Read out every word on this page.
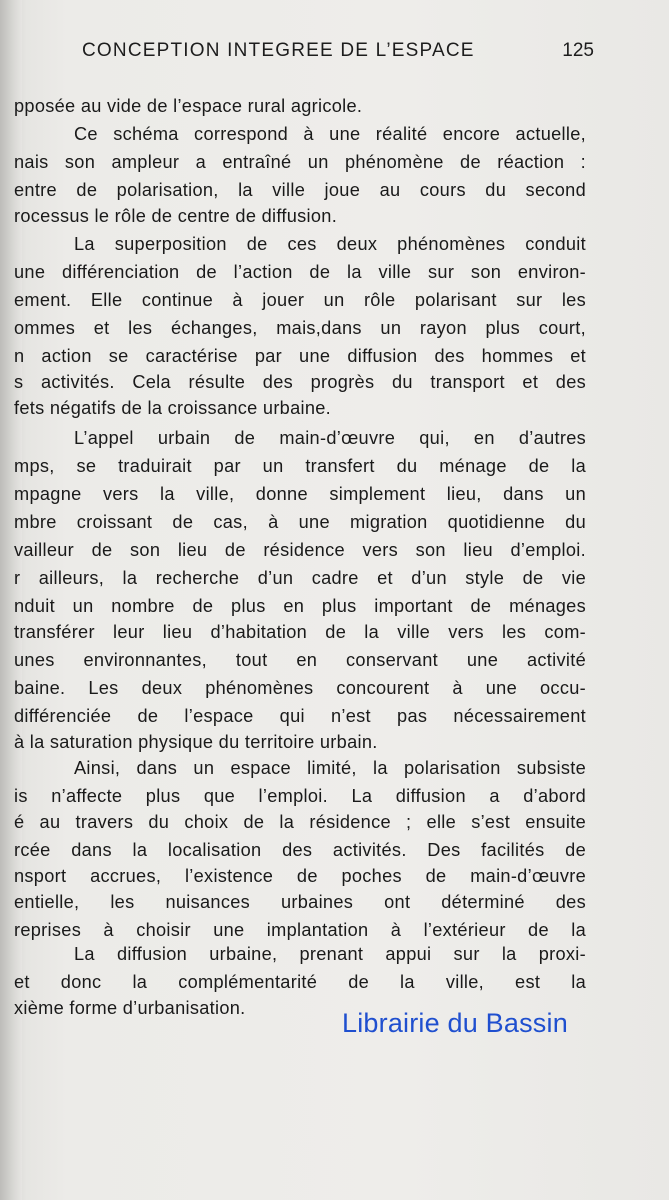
CONCEPTION INTEGREE DE L’ESPACE	125
pposée au vide de l’espace rural agricole.
Ce schéma correspond à une réalité encore actuelle,
nais son ampleur a entraîné un phénomène de réaction :
entre de polarisation, la ville joue au cours du second
rocessus le rôle de centre de diffusion.
La superposition de ces deux phénomènes conduit
une différenciation de l’action de la ville sur son environ-
ement. Elle continue à jouer un rôle polarisant sur les
ommes et les échanges, mais,dans un rayon plus court,
n action se caractérise par une diffusion des hommes et
s activités. Cela résulte des progrès du transport et des
fets négatifs de la croissance urbaine.
L’appel urbain de main-d’œuvre qui, en d’autres
mps, se traduirait par un transfert du ménage de la
mpagne vers la ville, donne simplement lieu, dans un
mbre croissant de cas, à une migration quotidienne du
vailleur de son lieu de résidence vers son lieu d’emploi.
r ailleurs, la recherche d’un cadre et d’un style de vie
nduit un nombre de plus en plus important de ménages
transférer leur lieu d’habitation de la ville vers les com-
unes environnantes, tout en conservant une activité
baine. Les deux phénomènes concourent à une occu-
différenciée de l’espace qui n’est pas nécessairement
à la saturation physique du territoire urbain.
Ainsi, dans un espace limité, la polarisation subsiste
is n’affecte plus que l’emploi. La diffusion a d’abord
é au travers du choix de la résidence ; elle s’est ensuite
rcée dans la localisation des activités. Des facilités de
nsport accrues, l’existence de poches de main-d’œuvre
entielle, les nuisances urbaines ont déterminé des
reprises à choisir une implantation à l’extérieur de la
La diffusion urbaine, prenant appui sur la proxi-
et donc la complémentarité de la ville, est la
xième forme d’urbanisation.	Librairie du Bassin
